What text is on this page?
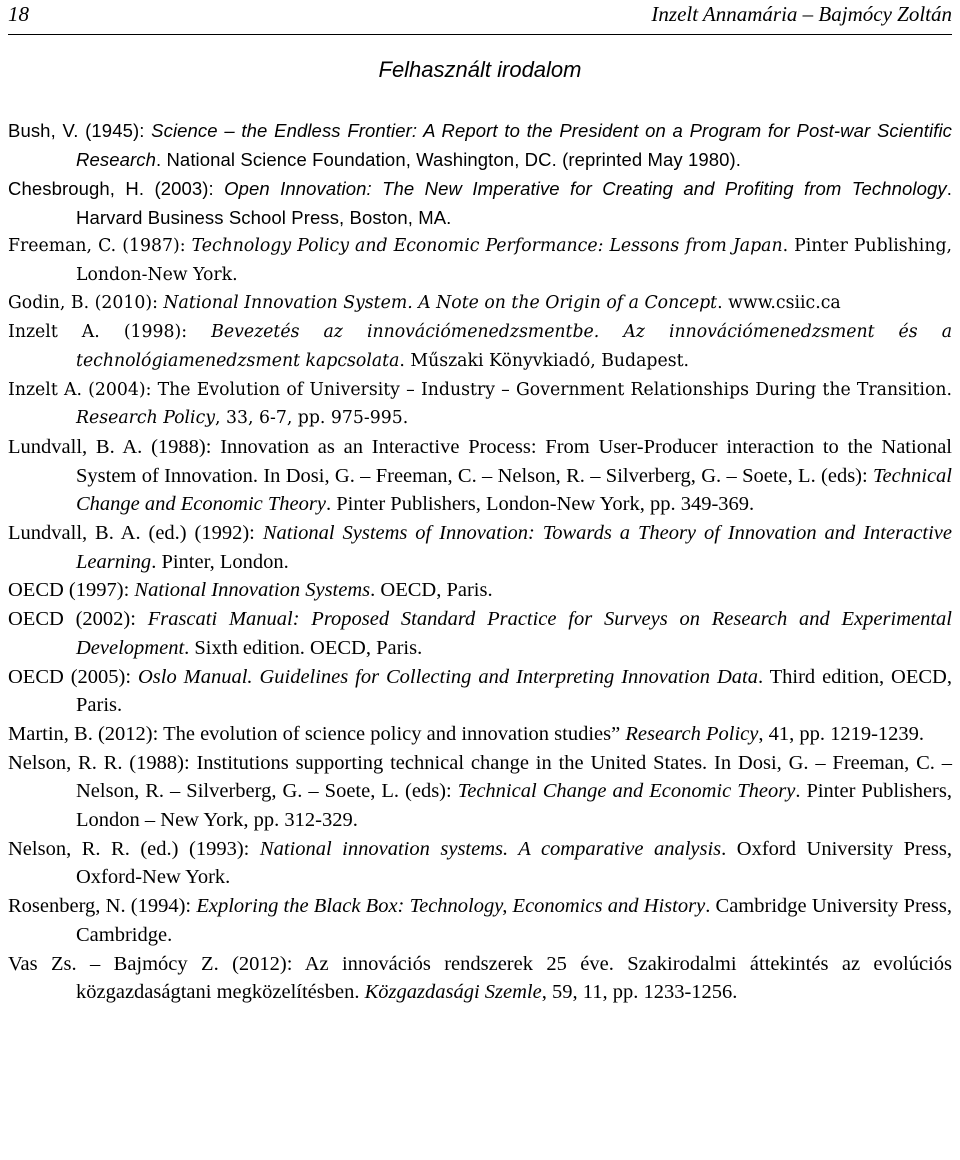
18	Inzelt Annamária – Bajmócy Zoltán
Felhasznált irodalom
Bush, V. (1945): Science – the Endless Frontier: A Report to the President on a Program for Post-war Scientific Research. National Science Foundation, Washington, DC. (reprinted May 1980).
Chesbrough, H. (2003): Open Innovation: The New Imperative for Creating and Profiting from Technology. Harvard Business School Press, Boston, MA.
Freeman, C. (1987): Technology Policy and Economic Performance: Lessons from Japan. Pinter Publishing, London-New York.
Godin, B. (2010): National Innovation System. A Note on the Origin of a Concept. www.csiic.ca
Inzelt A. (1998): Bevezetés az innovációmenedzsmentbe. Az innovációmenedzsment és a technológiamenedzsment kapcsolata. Műszaki Könyvkiadó, Budapest.
Inzelt A. (2004): The Evolution of University – Industry – Government Relationships During the Transition. Research Policy, 33, 6-7, pp. 975-995.
Lundvall, B. A. (1988): Innovation as an Interactive Process: From User-Producer interaction to the National System of Innovation. In Dosi, G. – Freeman, C. – Nelson, R. – Silverberg, G. – Soete, L. (eds): Technical Change and Economic Theory. Pinter Publishers, London-New York, pp. 349-369.
Lundvall, B. A. (ed.) (1992): National Systems of Innovation: Towards a Theory of Innovation and Interactive Learning. Pinter, London.
OECD (1997): National Innovation Systems. OECD, Paris.
OECD (2002): Frascati Manual: Proposed Standard Practice for Surveys on Research and Experimental Development. Sixth edition. OECD, Paris.
OECD (2005): Oslo Manual. Guidelines for Collecting and Interpreting Innovation Data. Third edition, OECD, Paris.
Martin, B. (2012): The evolution of science policy and innovation studies” Research Policy, 41, pp. 1219-1239.
Nelson, R. R. (1988): Institutions supporting technical change in the United States. In Dosi, G. – Freeman, C. – Nelson, R. – Silverberg, G. – Soete, L. (eds): Technical Change and Economic Theory. Pinter Publishers, London – New York, pp. 312-329.
Nelson, R. R. (ed.) (1993): National innovation systems. A comparative analysis. Oxford University Press, Oxford-New York.
Rosenberg, N. (1994): Exploring the Black Box: Technology, Economics and History. Cambridge University Press, Cambridge.
Vas Zs. – Bajmócy Z. (2012): Az innovációs rendszerek 25 éve. Szakirodalmi áttekintés az evolúciós közgazdaságtani megközelítésben. Közgazdasági Szemle, 59, 11, pp. 1233-1256.
